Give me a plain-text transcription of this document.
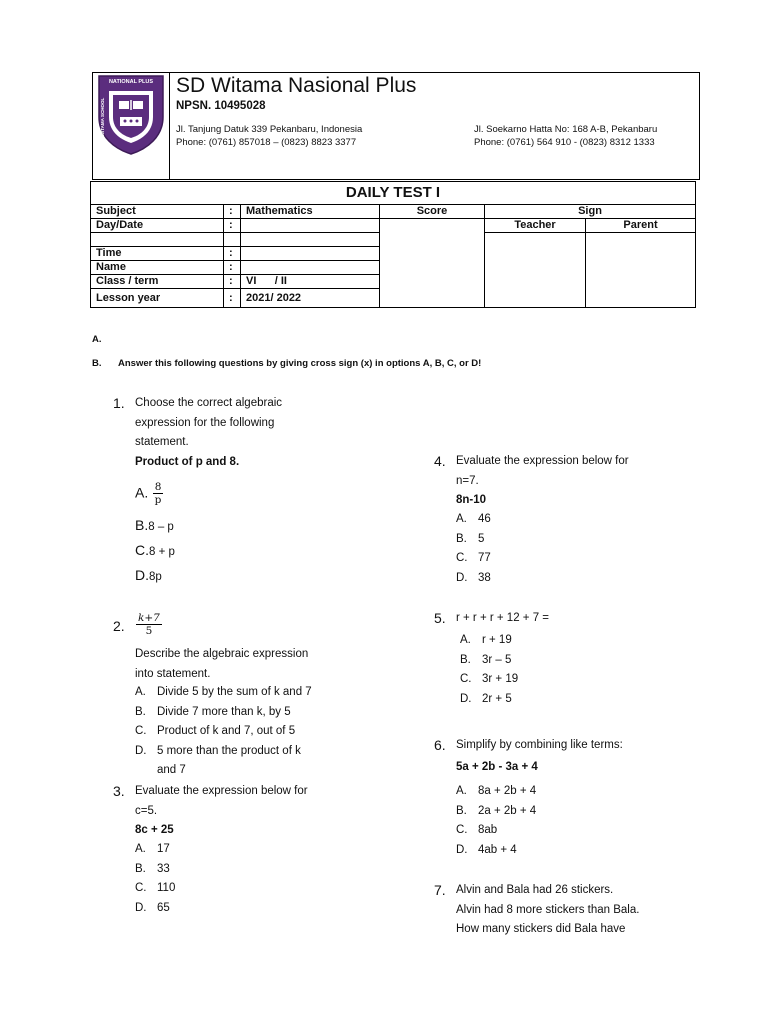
NATIONAL PLUS
WITAMA SCHOOL
SD Witama Nasional Plus
NPSN. 10495028
Jl. Tanjung Datuk 339 Pekanbaru, Indonesia
Phone: (0761) 857018 – (0823) 8823 3377
Jl. Soekarno Hatta No: 168 A-B, Pekanbaru
Phone: (0761) 564 910 - (0823) 8312 1333
DAILY TEST I					
Subject	:	Mathematics	Score	Sign	
Day/Date	:			Teacher	Parent

Time	:				
Name	:				
Class / term	:	VI      / II			
Lesson year	:	2021/ 2022			
A.
B. Answer this following questions by giving cross sign (x) in options A, B, C, or D!
1. Choose the correct algebraic
expression for the following
statement.
Product of p and 8.
A. $\frac{8}{p}$
B.8 – p
C.8 + p
D.8p
2. $\frac{k+7}{5}$
Describe the algebraic expression
into statement.
A. Divide 5 by the sum of k and 7
B. Divide 7 more than k, by 5
C. Product of k and 7, out of 5
D. 5 more than the product of k
and 7
3. Evaluate the expression below for
c=5.
8c + 25
A. 17
B. 33
C. 110
D. 65
4. Evaluate the expression below for
n=7.
8n-10
A. 46
B. 5
C. 77
D. 38
5. r + r + r + 12 + 7 =
A. r + 19
B. 3r – 5
C. 3r + 19
D. 2r + 5
6. Simplify by combining like terms:
5a + 2b - 3a + 4
A. 8a + 2b + 4
B. 2a + 2b + 4
C. 8ab
D. 4ab + 4
7. Alvin and Bala had 26 stickers.
Alvin had 8 more stickers than Bala.
How many stickers did Bala have
